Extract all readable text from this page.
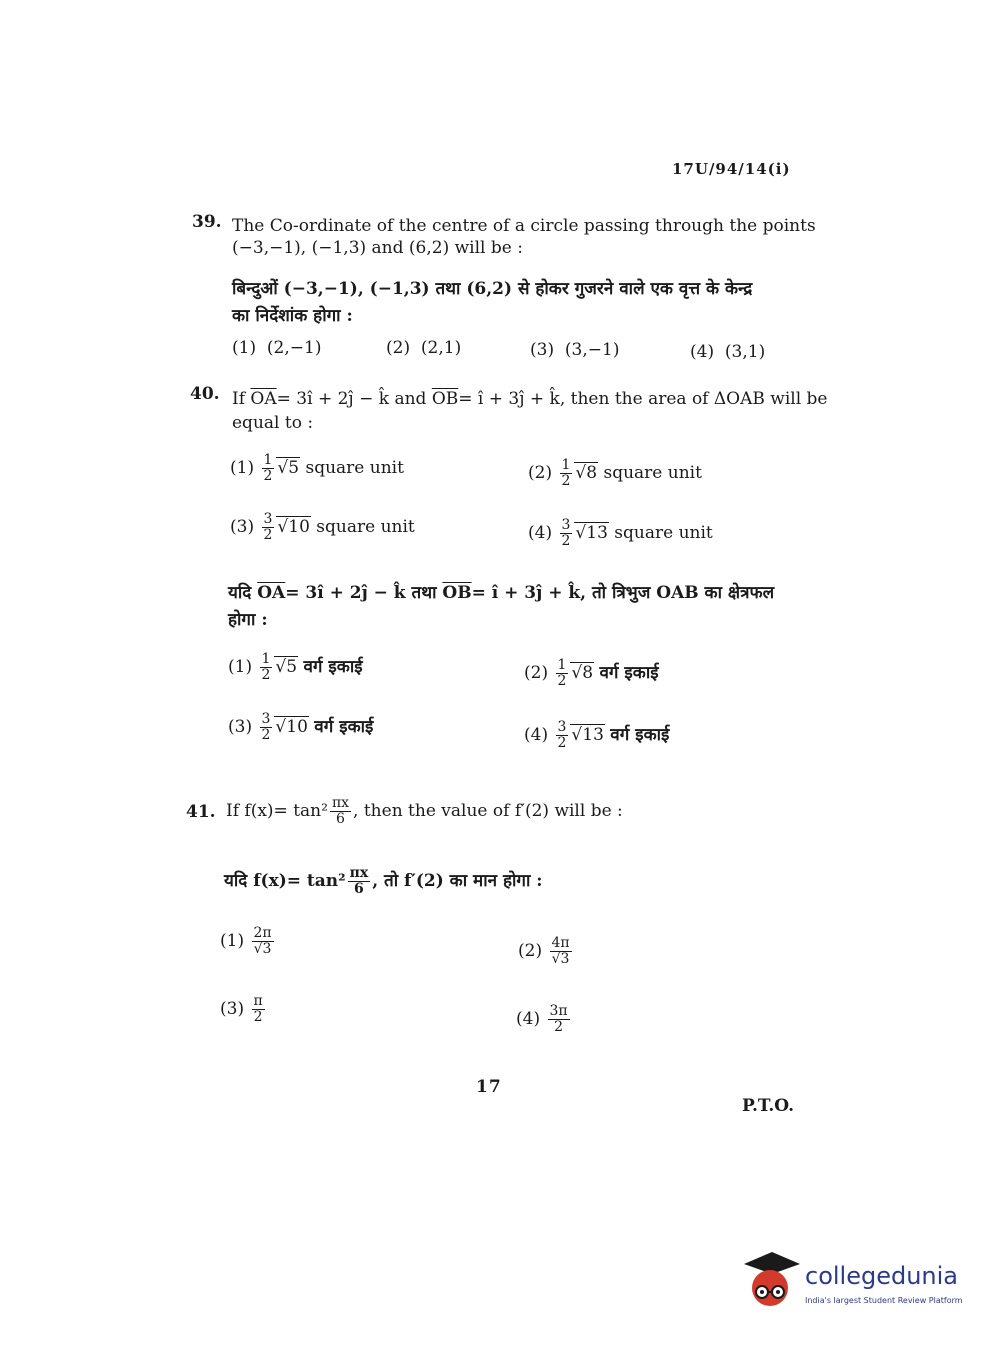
17U/94/14(i)
39. The Co-ordinate of the centre of a circle passing through the points
(−3,−1), (−1,3) and (6,2) will be :
बिन्दुओं (−3,−1), (−1,3) तथा (6,2) से होकर गुजरने वाले एक वृत्त के केन्द्र
का निर्देशांक होगा :
(1) (2,−1)	(2) (2,1)	(3) (3,−1)	(4) (3,1)
40. If $\overline{OA}=$ 3î + 2ĵ − k̂ and $\overline{OB}=$ î + 3ĵ + k̂, then the area of ΔOAB will be
equal to :
$(1) \frac{1}{2} √5$ square unit	$(2) \frac{1}{2} √8$ square unit
$(3) \frac{3}{2} √10$ square unit	$(4) \frac{3}{2} √13$ square unit
यदि $\overline{OA}=$ 3î + 2ĵ − k̂ तथा $\overline{OB}=$ î + 3ĵ + k̂, तो त्रिभुज OAB का क्षेत्रफल
होगा :
$(1) \frac{1}{2} √5$ वर्ग इकाई	$(2) \frac{1}{2} √8$ वर्ग इकाई
$(3) \frac{3}{2} √10$ वर्ग इकाई	$(4) \frac{3}{2} √13$ वर्ग इकाई
41. If $f(x)= \tan^2 \frac{\pi x}{6}$ , then the value of f′(2) will be :
यदि $f(x)= \tan^2 \frac{\pi x}{6}$ , तो f′(2) का मान होगा :
$(1) \frac{2\pi}{√3}$	$(2) \frac{4\pi}{√3}$
$(3) \frac{\pi}{2}$	$(4) \frac{3\pi}{2}$
17
P.T.O.
collegedunia
India's largest Student Review Platform
